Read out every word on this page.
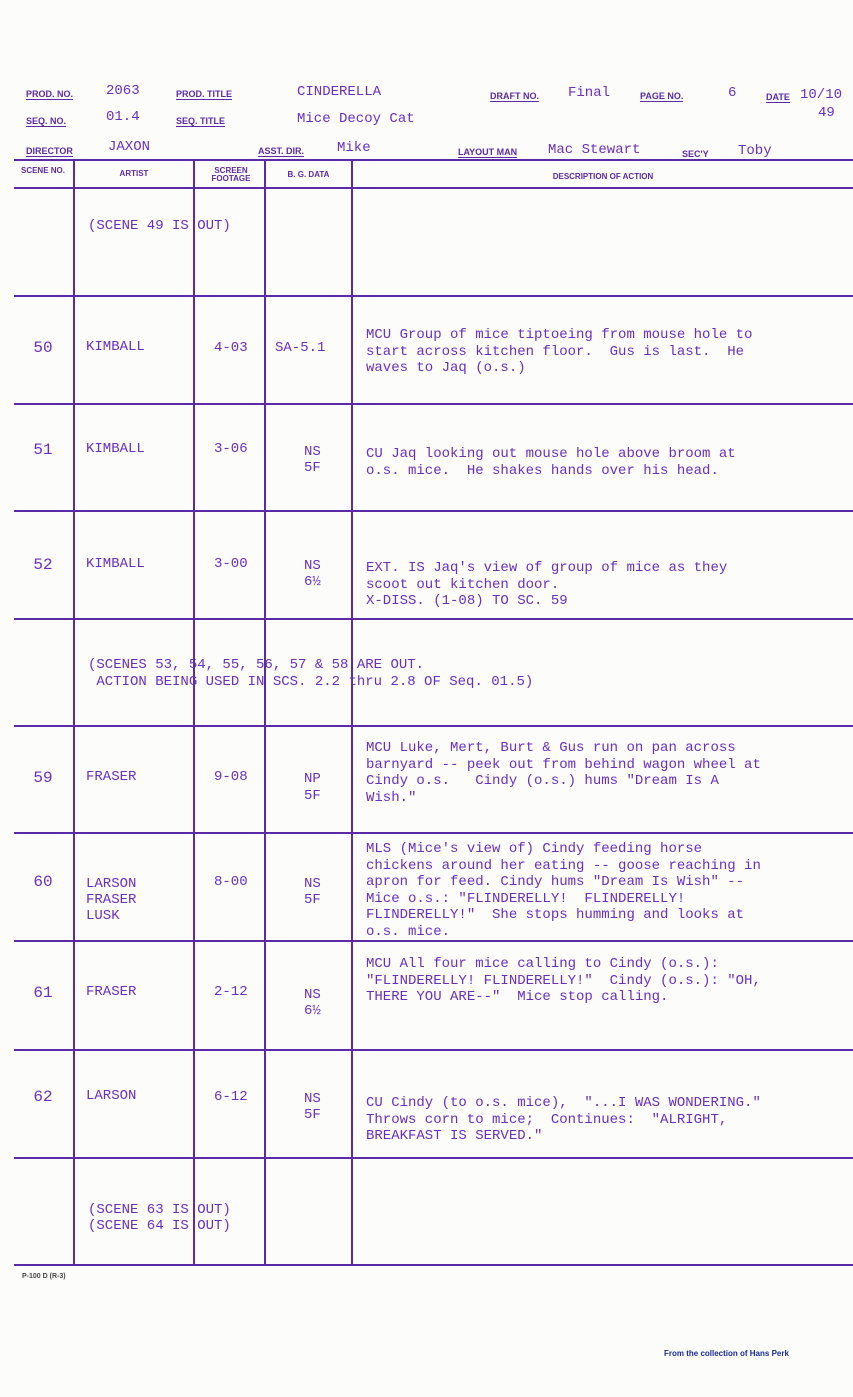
PROD. NO. 2063	PROD. TITLE	CINDERELLA	DRAFT NO. Final	PAGE NO.	6	DATE 10/10
SEQ. NO.	01.4	SEQ. TITLE	Mice Decoy Cat	49
DIRECTOR	JAXON	ASST. DIR. Mike	LAYOUT MAN Mac Stewart	SEC'Y Toby
SCENE NO.	ARTIST	SCREEN FOOTAGE	B. G. DATA	DESCRIPTION OF ACTION
(SCENE 49 IS OUT)
50	KIMBALL	4-03 SA-5.1
MCU Group of mice tiptoeing from mouse hole to
start across kitchen floor.  Gus is last.  He
waves to Jaq (o.s.)
51	KIMBALL	3-06	NS
5F
CU Jaq looking out mouse hole above broom at
o.s. mice.  He shakes hands over his head.
52	KIMBALL	3-00	NS
6½
EXT. IS Jaq's view of group of mice as they
scoot out kitchen door.
X-DISS. (1-08) TO SC. 59
(SCENES 53, 54, 55, 56, 57 & 58 ARE OUT.
ACTION BEING USED IN SCS. 2.2 thru 2.8 OF Seq. 01.5)
59	FRASER	9-08	NP
5F
MCU Luke, Mert, Burt & Gus run on pan across
barnyard -- peek out from behind wagon wheel at
Cindy o.s.   Cindy (o.s.) hums "Dream Is A
Wish."
60	LARSON
FRASER
LUSK
8-00	NS
5F
MLS (Mice's view of) Cindy feeding horse
chickens around her eating -- goose reaching in
apron for feed. Cindy hums "Dream Is Wish" --
Mice o.s.: "FLINDERELLY!  FLINDERELLY!
FLINDERELLY!"  She stops humming and looks at
o.s. mice.
61	FRASER	2-12	NS
6½
MCU All four mice calling to Cindy (o.s.):
"FLINDERELLY! FLINDERELLY!"  Cindy (o.s.): "OH,
THERE YOU ARE--"  Mice stop calling.
62	LARSON	6-12	NS
5F
CU Cindy (to o.s. mice),  "...I WAS WONDERING."
Throws corn to mice;  Continues:  "ALRIGHT,
BREAKFAST IS SERVED."
(SCENE 63 IS OUT)
(SCENE 64 IS OUT)
P-100 D (R-3)
From the collection of Hans Perk
